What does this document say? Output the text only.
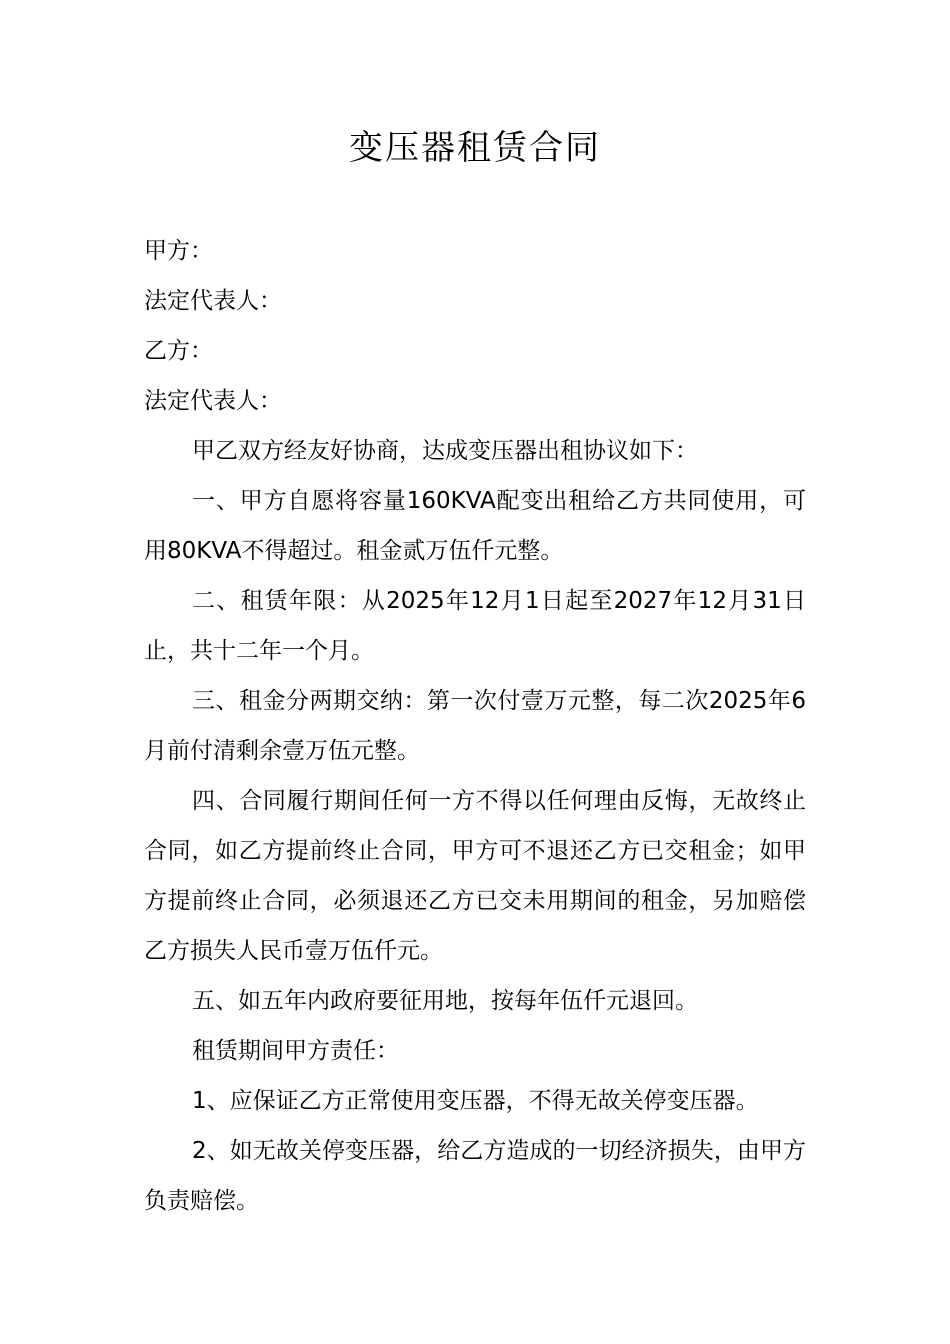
变压器租赁合同

甲方：

法定代表人：

乙方：

法定代表人：

甲乙双方经友好协商，达成变压器出租协议如下：

一、甲方自愿将容量160KVA配变出租给乙方共同使用，可用80KVA不得超过。租金贰万伍仟元整。

二、租赁年限：从2025年12月1日起至2027年12月31日止，共十二年一个月。

三、租金分两期交纳：第一次付壹万元整，每二次2025年6月前付清剩余壹万伍元整。

四、合同履行期间任何一方不得以任何理由反悔，无故终止合同，如乙方提前终止合同，甲方可不退还乙方已交租金；如甲方提前终止合同，必须退还乙方已交未用期间的租金，另加赔偿乙方损失人民币壹万伍仟元。

五、如五年内政府要征用地，按每年伍仟元退回。

租赁期间甲方责任：

1、应保证乙方正常使用变压器，不得无故关停变压器。

2、如无故关停变压器，给乙方造成的一切经济损失，由甲方负责赔偿。
